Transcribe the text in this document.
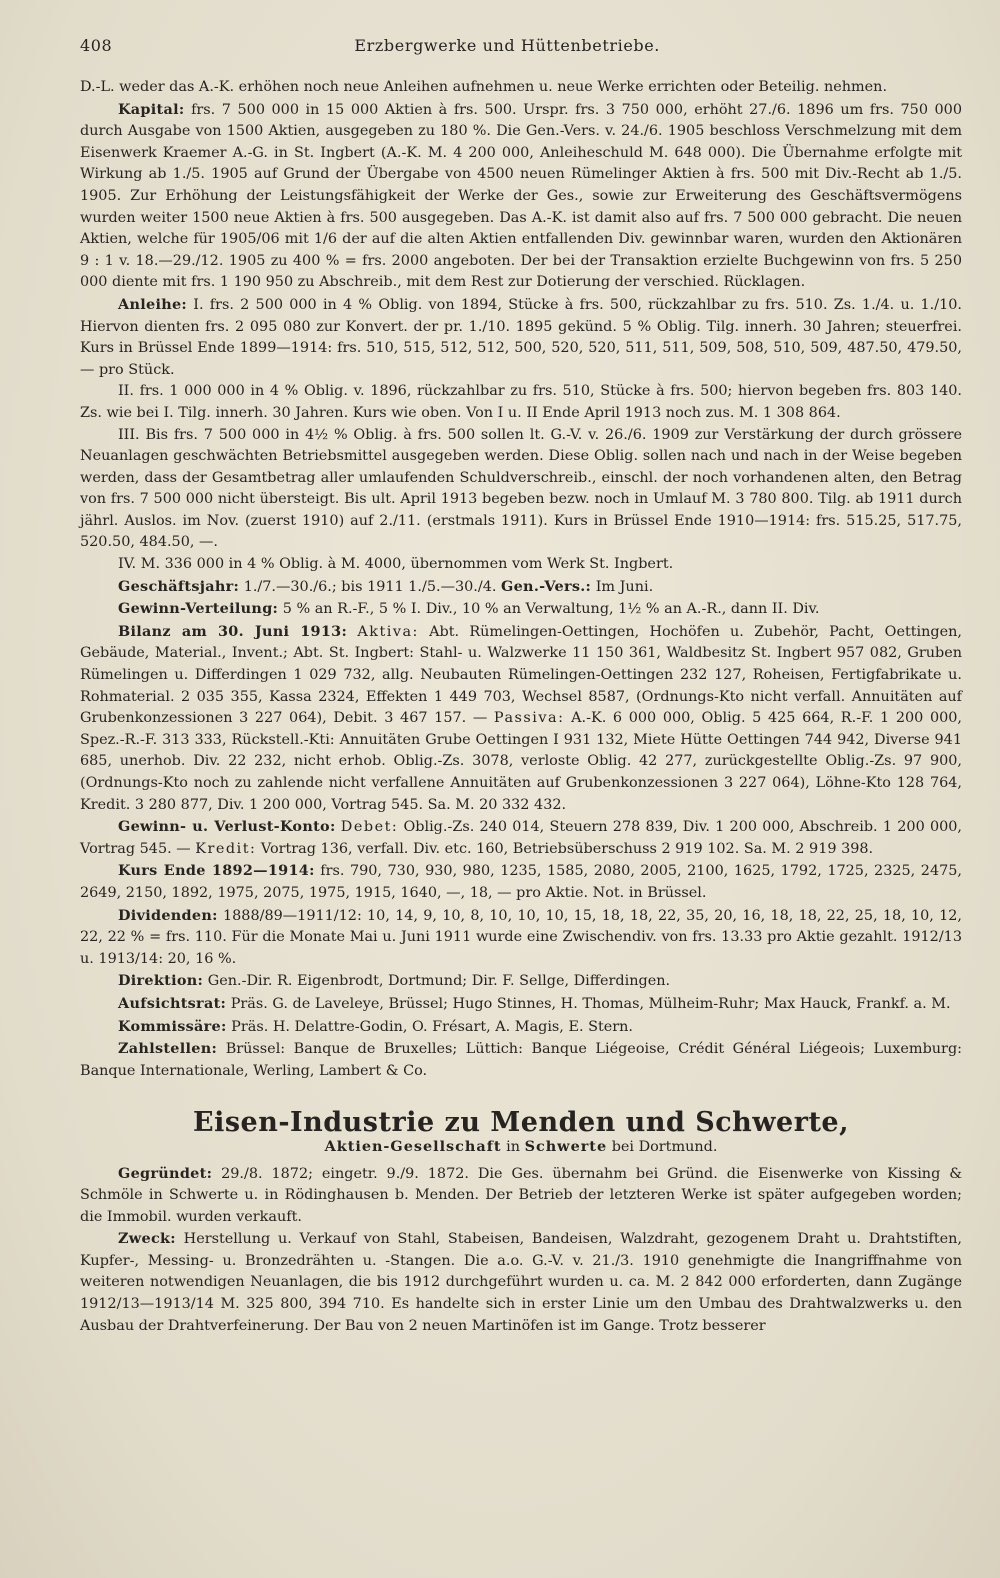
408	Erzbergwerke und Hüttenbetriebe.

D.-L. weder das A.-K. erhöhen noch neue Anleihen aufnehmen u. neue Werke errichten oder Beteilig. nehmen.

Kapital: frs. 7 500 000 in 15 000 Aktien à frs. 500. Urspr. frs. 3 750 000, erhöht 27./6. 1896 um frs. 750 000 durch Ausgabe von 1500 Aktien, ausgegeben zu 180 %. Die Gen.-Vers. v. 24./6. 1905 beschloss Verschmelzung mit dem Eisenwerk Kraemer A.-G. in St. Ingbert (A.-K. M. 4 200 000, Anleiheschuld M. 648 000). Die Übernahme erfolgte mit Wirkung ab 1./5. 1905 auf Grund der Übergabe von 4500 neuen Rümelinger Aktien à frs. 500 mit Div.-Recht ab 1./5. 1905. Zur Erhöhung der Leistungsfähigkeit der Werke der Ges., sowie zur Erweiterung des Geschäftsvermögens wurden weiter 1500 neue Aktien à frs. 500 ausgegeben. Das A.-K. ist damit also auf frs. 7 500 000 gebracht. Die neuen Aktien, welche für 1905/06 mit 1/6 der auf die alten Aktien entfallenden Div. gewinnbar waren, wurden den Aktionären 9 : 1 v. 18.—29./12. 1905 zu 400 % = frs. 2000 angeboten. Der bei der Transaktion erzielte Buchgewinn von frs. 5 250 000 diente mit frs. 1 190 950 zu Abschreib., mit dem Rest zur Dotierung der verschied. Rücklagen.

Anleihe: I. frs. 2 500 000 in 4 % Oblig. von 1894, Stücke à frs. 500, rückzahlbar zu frs. 510. Zs. 1./4. u. 1./10. Hiervon dienten frs. 2 095 080 zur Konvert. der pr. 1./10. 1895 gekünd. 5 % Oblig. Tilg. innerh. 30 Jahren; steuerfrei. Kurs in Brüssel Ende 1899—1914: frs. 510, 515, 512, 512, 500, 520, 520, 511, 511, 509, 508, 510, 509, 487.50, 479.50, — pro Stück.

II. frs. 1 000 000 in 4 % Oblig. v. 1896, rückzahlbar zu frs. 510, Stücke à frs. 500; hiervon begeben frs. 803 140. Zs. wie bei I. Tilg. innerh. 30 Jahren. Kurs wie oben. Von I u. II Ende April 1913 noch zus. M. 1 308 864.

III. Bis frs. 7 500 000 in 4½ % Oblig. à frs. 500 sollen lt. G.-V. v. 26./6. 1909 zur Verstärkung der durch grössere Neuanlagen geschwächten Betriebsmittel ausgegeben werden. Diese Oblig. sollen nach und nach in der Weise begeben werden, dass der Gesamtbetrag aller umlaufenden Schuldverschreib., einschl. der noch vorhandenen alten, den Betrag von frs. 7 500 000 nicht übersteigt. Bis ult. April 1913 begeben bezw. noch in Umlauf M. 3 780 800. Tilg. ab 1911 durch jährl. Auslos. im Nov. (zuerst 1910) auf 2./11. (erstmals 1911). Kurs in Brüssel Ende 1910—1914: frs. 515.25, 517.75, 520.50, 484.50, —.

IV. M. 336 000 in 4 % Oblig. à M. 4000, übernommen vom Werk St. Ingbert.

Geschäftsjahr: 1./7.—30./6.; bis 1911 1./5.—30./4. Gen.-Vers.: Im Juni.

Gewinn-Verteilung: 5 % an R.-F., 5 % I. Div., 10 % an Verwaltung, 1½ % an A.-R., dann II. Div.

Bilanz am 30. Juni 1913: Aktiva: Abt. Rümelingen-Oettingen, Hochöfen u. Zubehör, Pacht, Oettingen, Gebäude, Material., Invent.; Abt. St. Ingbert: Stahl- u. Walzwerke 11 150 361, Waldbesitz St. Ingbert 957 082, Gruben Rümelingen u. Differdingen 1 029 732, allg. Neubauten Rümelingen-Oettingen 232 127, Roheisen, Fertigfabrikate u. Rohmaterial. 2 035 355, Kassa 2324, Effekten 1 449 703, Wechsel 8587, (Ordnungs-Kto nicht verfall. Annuitäten auf Grubenkonzessionen 3 227 064), Debit. 3 467 157. — Passiva: A.-K. 6 000 000, Oblig. 5 425 664, R.-F. 1 200 000, Spez.-R.-F. 313 333, Rückstell.-Kti: Annuitäten Grube Oettingen I 931 132, Miete Hütte Oettingen 744 942, Diverse 941 685, unerhob. Div. 22 232, nicht erhob. Oblig.-Zs. 3078, verloste Oblig. 42 277, zurückgestellte Oblig.-Zs. 97 900, (Ordnungs-Kto noch zu zahlende nicht verfallene Annuitäten auf Grubenkonzessionen 3 227 064), Löhne-Kto 128 764, Kredit. 3 280 877, Div. 1 200 000, Vortrag 545. Sa. M. 20 332 432.

Gewinn- u. Verlust-Konto: Debet: Oblig.-Zs. 240 014, Steuern 278 839, Div. 1 200 000, Abschreib. 1 200 000, Vortrag 545. — Kredit: Vortrag 136, verfall. Div. etc. 160, Betriebsüberschuss 2 919 102. Sa. M. 2 919 398.

Kurs Ende 1892—1914: frs. 790, 730, 930, 980, 1235, 1585, 2080, 2005, 2100, 1625, 1792, 1725, 2325, 2475, 2649, 2150, 1892, 1975, 2075, 1975, 1915, 1640, —, 18, — pro Aktie. Not. in Brüssel.

Dividenden: 1888/89—1911/12: 10, 14, 9, 10, 8, 10, 10, 10, 15, 18, 18, 22, 35, 20, 16, 18, 18, 22, 25, 18, 10, 12, 22, 22 % = frs. 110. Für die Monate Mai u. Juni 1911 wurde eine Zwischendiv. von frs. 13.33 pro Aktie gezahlt. 1912/13 u. 1913/14: 20, 16 %.

Direktion: Gen.-Dir. R. Eigenbrodt, Dortmund; Dir. F. Sellge, Differdingen.

Aufsichtsrat: Präs. G. de Laveleye, Brüssel; Hugo Stinnes, H. Thomas, Mülheim-Ruhr; Max Hauck, Frankf. a. M.

Kommissäre: Präs. H. Delattre-Godin, O. Frésart, A. Magis, E. Stern.

Zahlstellen: Brüssel: Banque de Bruxelles; Lüttich: Banque Liégeoise, Crédit Général Liégeois; Luxemburg: Banque Internationale, Werling, Lambert & Co.

Eisen-Industrie zu Menden und Schwerte,
Aktien-Gesellschaft in Schwerte bei Dortmund.

Gegründet: 29./8. 1872; eingetr. 9./9. 1872. Die Ges. übernahm bei Gründ. die Eisenwerke von Kissing & Schmöle in Schwerte u. in Rödinghausen b. Menden. Der Betrieb der letzteren Werke ist später aufgegeben worden; die Immobil. wurden verkauft.

Zweck: Herstellung u. Verkauf von Stahl, Stabeisen, Bandeisen, Walzdraht, gezogenem Draht u. Drahtstiften, Kupfer-, Messing- u. Bronzedrähten u. -Stangen. Die a.o. G.-V. v. 21./3. 1910 genehmigte die Inangriffnahme von weiteren notwendigen Neuanlagen, die bis 1912 durchgeführt wurden u. ca. M. 2 842 000 erforderten, dann Zugänge 1912/13—1913/14 M. 325 800, 394 710. Es handelte sich in erster Linie um den Umbau des Drahtwalzwerks u. den Ausbau der Drahtverfeinerung. Der Bau von 2 neuen Martinöfen ist im Gange. Trotz besserer
